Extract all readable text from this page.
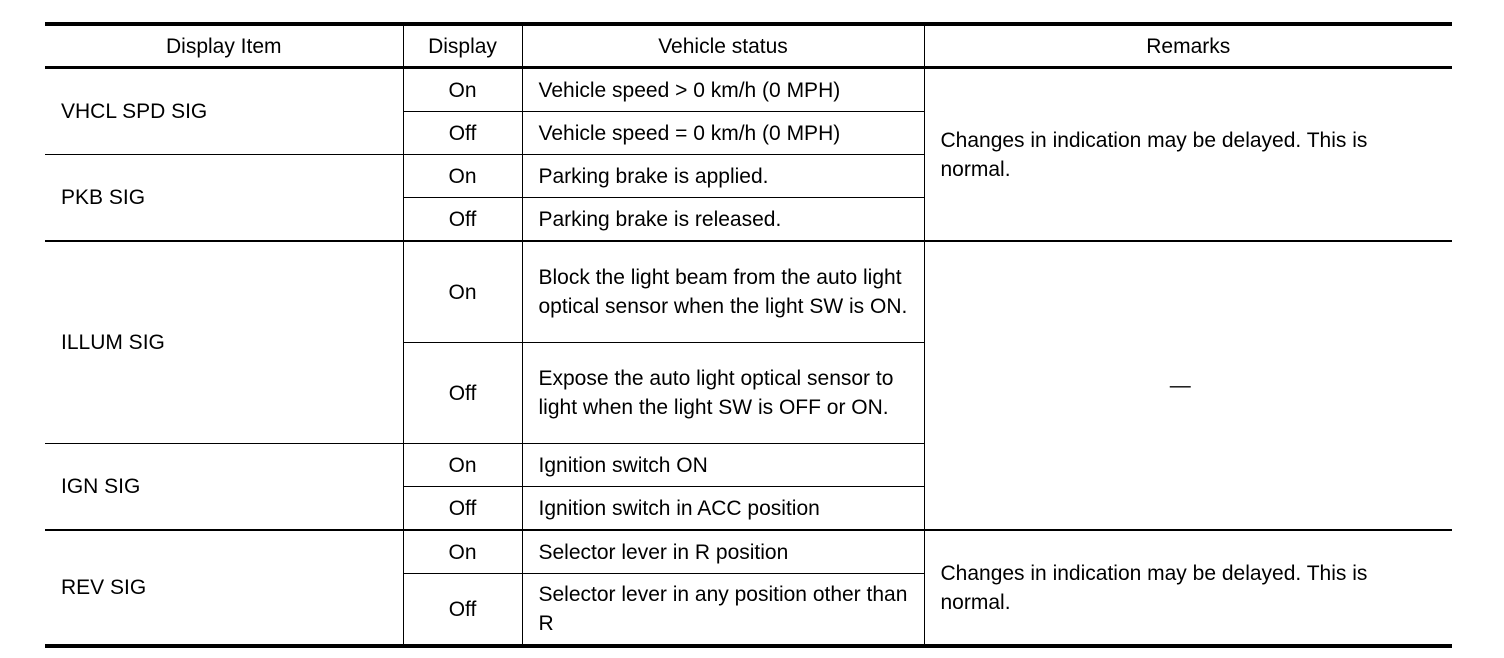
Display Item	Display	Vehicle status	Remarks
VHCL SPD SIG	On	Vehicle speed > 0 km/h (0 MPH)	Changes in indication may be delayed. This is normal.

	Off	Vehicle speed = 0 km/h (0 MPH)	
PKB SIG	On	Parking brake is applied.	
	Off	Parking brake is released.	
ILLUM SIG	On	Block the light beam from the auto light optical sensor when the light SW is ON.	—
	Off	Expose the auto light optical sensor to light when the light SW is OFF or ON.	
IGN SIG	On	Ignition switch ON	
	Off	Ignition switch in ACC position	
REV SIG	On	Selector lever in R position	Changes in indication may be delayed. This is normal.

	Off	Selector lever in any position other than R	
